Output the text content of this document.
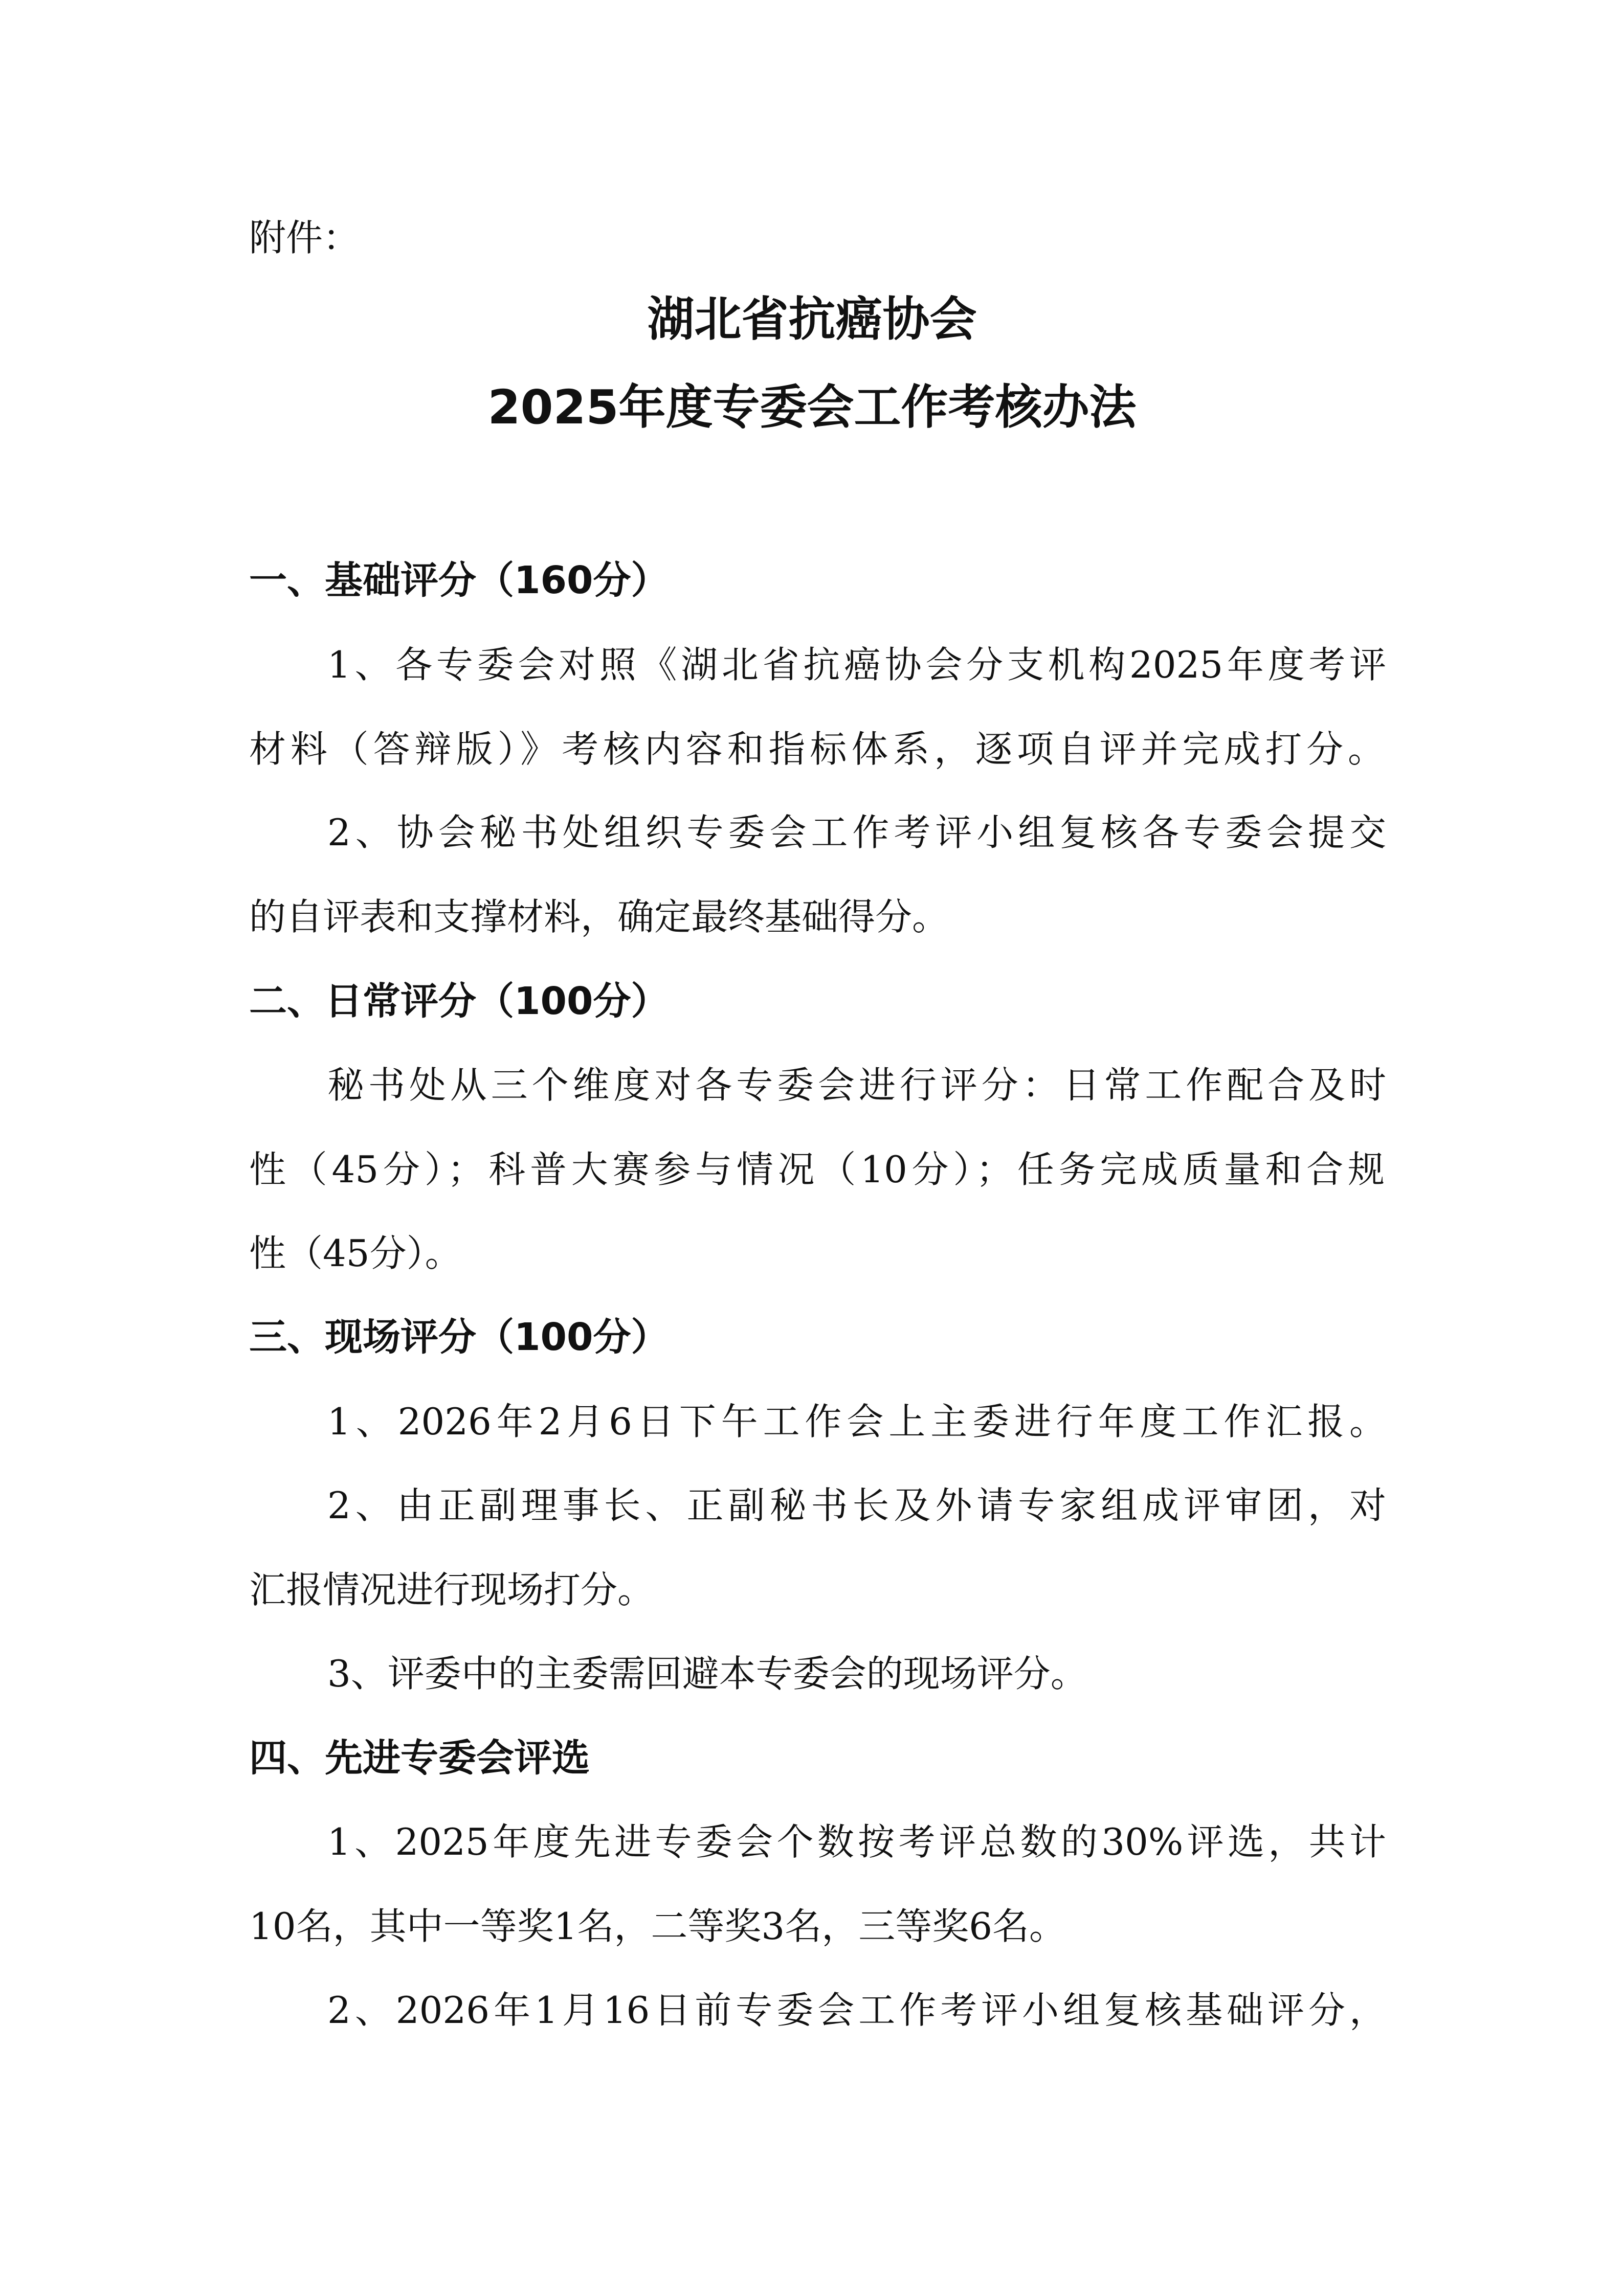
附件：
湖北省抗癌协会
2025年度专委会工作考核办法
一、基础评分（160分）
1、各专委会对照《湖北省抗癌协会分支机构2025年度考评
材料（答辩版）》考核内容和指标体系，逐项自评并完成打分。
2、协会秘书处组织专委会工作考评小组复核各专委会提交
的自评表和支撑材料，确定最终基础得分。
二、日常评分（100分）
秘书处从三个维度对各专委会进行评分：日常工作配合及时
性（45分）；科普大赛参与情况（10分）；任务完成质量和合规
性（45分）。
三、现场评分（100分）
1、2026年2月6日下午工作会上主委进行年度工作汇报。
2、由正副理事长、正副秘书长及外请专家组成评审团，对
汇报情况进行现场打分。
3、评委中的主委需回避本专委会的现场评分。
四、先进专委会评选
1、2025年度先进专委会个数按考评总数的30%评选，共计
10名，其中一等奖1名，二等奖3名，三等奖6名。
2、2026年1月16日前专委会工作考评小组复核基础评分，
